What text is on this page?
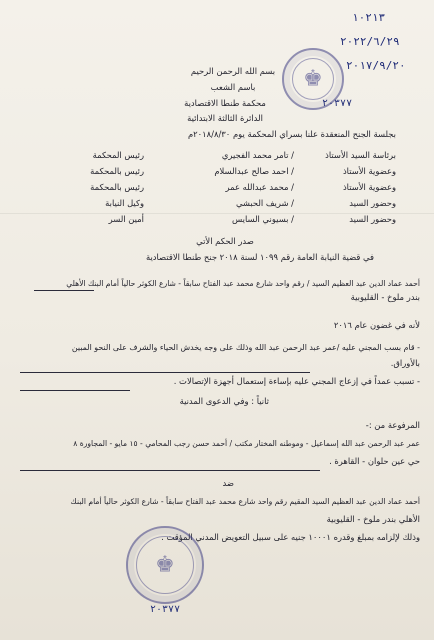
١٠٢١٣
٢٠٢٢/٦/٢٩
٢٠١٧/٩/٢٠
♚
٢٠٣٧٧
بسم الله الرحمن الرحيم
باسم الشعب
محكمة طنطا الاقتصادية
الدائرة الثالثة الابتدائية
بجلسة الجنح المنعقدة علنا بسراي المحكمة يوم ٢٠١٨/٨/٣٠م
برئاسة السيد الأستاذ
/ تامر محمد الفجيري
رئيس المحكمة
وعضوية الأستاذ
/ احمد صالح عبدالسلام
رئيس بالمحكمة
وعضوية الأستاذ
/ محمد عبدالله عمر
رئيس بالمحكمة
وحضور السيد
/ شريف الحبشي
وكيل النيابة
وحضور السيد
/ بسيوني السايس
أمين السر
صدر الحكم الأتي
في قضية النيابة العامة رقم ١٠٩٩ لسنة ٢٠١٨ جنح طنطا الاقتصادية
أحمد عماد الدين عبد العظيم السيد / رقم واحد شارع محمد عبد الفتاح سابقاً - شارع الكوثر حالياً أمام البنك الأهلي
بندر ملوخ - القليوبية
لأنه في غضون عام ٢٠١٦
- قام بسب المجني عليه /عمر عبد الرحمن عبد الله وذلك على وجه يخدش الحياء والشرف على النحو المبين
بالأوراق.
- تسبب عمداً في إزعاج المجني عليه بإساءة إستعمال أجهزة الإتصالات .
ثانياً : وفي الدعوى المدنية
المرفوعة من :-
عمر عبد الرحمن عبد الله إسماعيل - وموطنه المختار مكتب / أحمد حسن رجب المحامي - ١٥ مايو - المجاورة ٨
حي عين حلوان - القاهرة .
ضد
أحمد عماد الدين عبد العظيم السيد المقيم رقم واحد شارع محمد عبد الفتاح سابقاً - شارع الكوثر حالياً أمام البنك
الأهلي بندر ملوخ - القليوبية
وذلك لإلزامه بمبلغ وقدره ١٠٠٠١ جنيه على سبيل التعويض المدني المؤقت .
♚
٢٠٣٧٧
